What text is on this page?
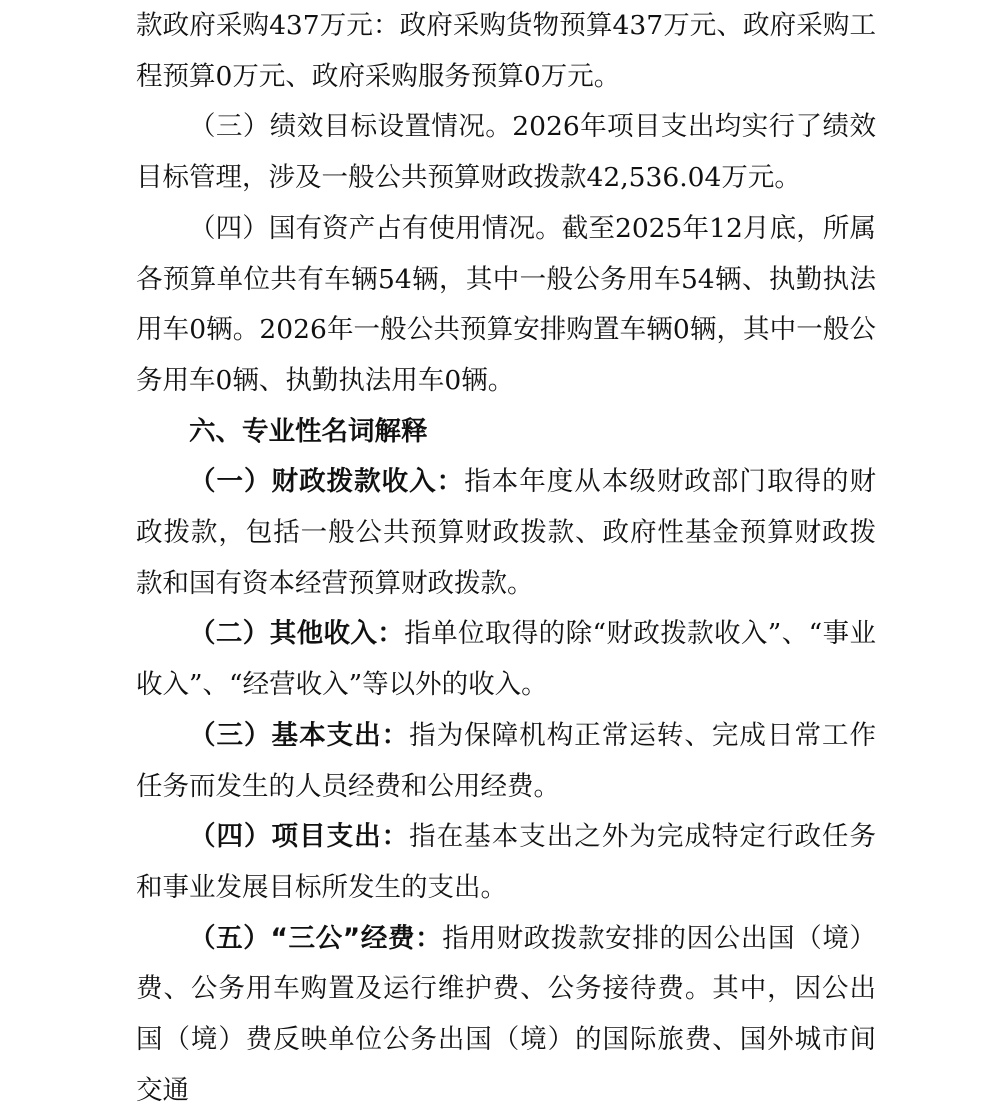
款政府采购437万元：政府采购货物预算437万元、政府采购工程预算0万元、政府采购服务预算0万元。

（三）绩效目标设置情况。2026年项目支出均实行了绩效目标管理，涉及一般公共预算财政拨款42,536.04万元。

（四）国有资产占有使用情况。截至2025年12月底，所属各预算单位共有车辆54辆，其中一般公务用车54辆、执勤执法用车0辆。2026年一般公共预算安排购置车辆0辆，其中一般公务用车0辆、执勤执法用车0辆。

六、专业性名词解释

（一）财政拨款收入：指本年度从本级财政部门取得的财政拨款，包括一般公共预算财政拨款、政府性基金预算财政拨款和国有资本经营预算财政拨款。

（二）其他收入：指单位取得的除“财政拨款收入”、“事业收入”、“经营收入”等以外的收入。

（三）基本支出：指为保障机构正常运转、完成日常工作任务而发生的人员经费和公用经费。

（四）项目支出：指在基本支出之外为完成特定行政任务和事业发展目标所发生的支出。

（五）“三公”经费：指用财政拨款安排的因公出国（境）费、公务用车购置及运行维护费、公务接待费。其中，因公出国（境）费反映单位公务出国（境）的国际旅费、国外城市间交通
